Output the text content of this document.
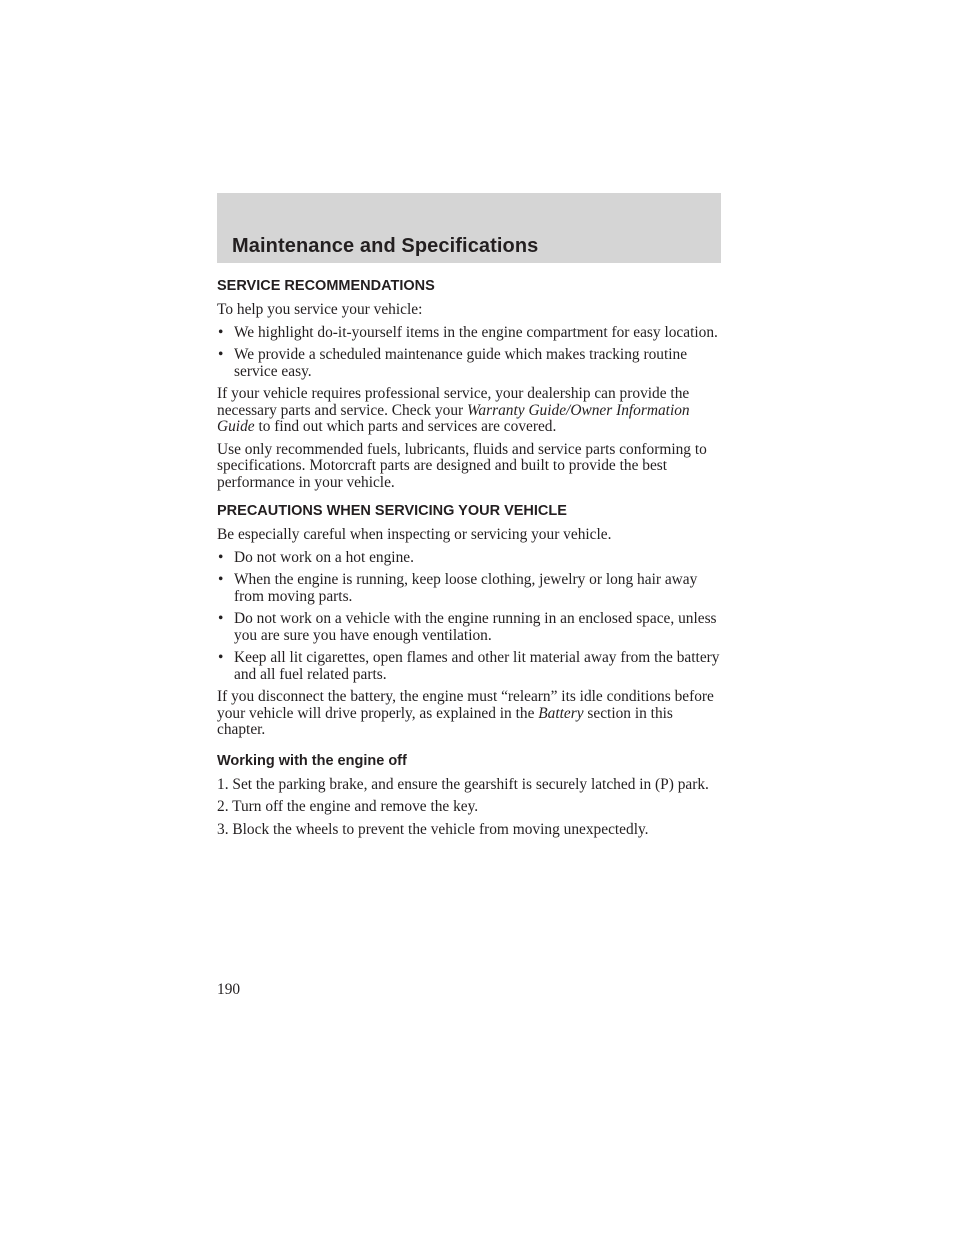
Maintenance and Specifications
SERVICE RECOMMENDATIONS

To help you service your vehicle:

• We highlight do-it-yourself items in the engine compartment for easy location.
• We provide a scheduled maintenance guide which makes tracking routine service easy.

If your vehicle requires professional service, your dealership can provide the necessary parts and service. Check your Warranty Guide/Owner Information Guide to find out which parts and services are covered.

Use only recommended fuels, lubricants, fluids and service parts conforming to specifications. Motorcraft parts are designed and built to provide the best performance in your vehicle.

PRECAUTIONS WHEN SERVICING YOUR VEHICLE

Be especially careful when inspecting or servicing your vehicle.

• Do not work on a hot engine.
• When the engine is running, keep loose clothing, jewelry or long hair away from moving parts.
• Do not work on a vehicle with the engine running in an enclosed space, unless you are sure you have enough ventilation.
• Keep all lit cigarettes, open flames and other lit material away from the battery and all fuel related parts.

If you disconnect the battery, the engine must “relearn” its idle conditions before your vehicle will drive properly, as explained in the Battery section in this chapter.

Working with the engine off
1. Set the parking brake, and ensure the gearshift is securely latched in (P) park.
2. Turn off the engine and remove the key.
3. Block the wheels to prevent the vehicle from moving unexpectedly.
190
